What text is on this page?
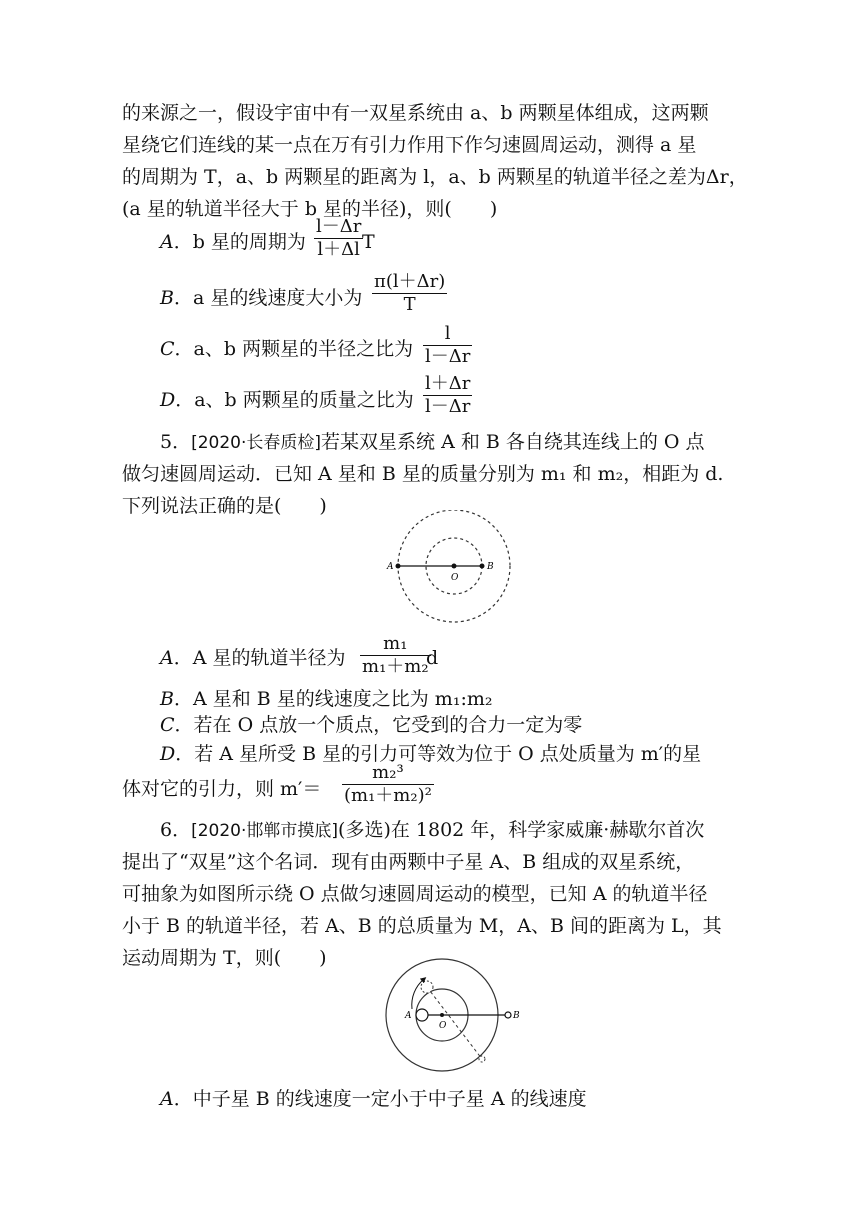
的来源之一，假设宇宙中有一双星系统由 a、b 两颗星体组成，这两颗
星绕它们连线的某一点在万有引力作用下作匀速圆周运动，测得 a 星
的周期为 T，a、b 两颗星的距离为 l，a、b 两颗星的轨道半径之差为Δr，
(a 星的轨道半径大于 b 星的半径)，则(　　)
A．b 星的周期为 $\frac{l-\Delta r}{l+\Delta l}$
T
B．a 星的线速度大小为 $\frac{\pi(l+\Delta r)}{T}$
C．a、b 两颗星的半径之比为 $\frac{l}{l-\Delta r}$
D．a、b 两颗星的质量之比为 $\frac{l+\Delta r}{l-\Delta r}$
5．[2020·长春质检]若某双星系统 A 和 B 各自绕其连线上的 O 点
做匀速圆周运动．已知 A 星和 B 星的质量分别为 m₁ 和 m₂，相距为 d.
下列说法正确的是(　　)
A
O
B
A．A 星的轨道半径为 $\frac{\text{m₁}}{\text{m₁＋m₂}}$
d
B．A 星和 B 星的线速度之比为 m₁:m₂
C．若在 O 点放一个质点，它受到的合力一定为零
D．若 A 星所受 B 星的引力可等效为位于 O 点处质量为 m′的星
体对它的引力，则 $m'= \frac{\text{m₂³}}{\text{(m₁＋m₂)²}}$
6．[2020·邯郸市摸底](多选)在 1802 年，科学家威廉·赫歇尔首次
提出了“双星”这个名词．现有由两颗中子星 A、B 组成的双星系统，
可抽象为如图所示绕 O 点做匀速圆周运动的模型，已知 A 的轨道半径
小于 B 的轨道半径，若 A、B 的总质量为 M，A、B 间的距离为 L，其
运动周期为 T，则(　　)
A
O
B
A．中子星 B 的线速度一定小于中子星 A 的线速度
